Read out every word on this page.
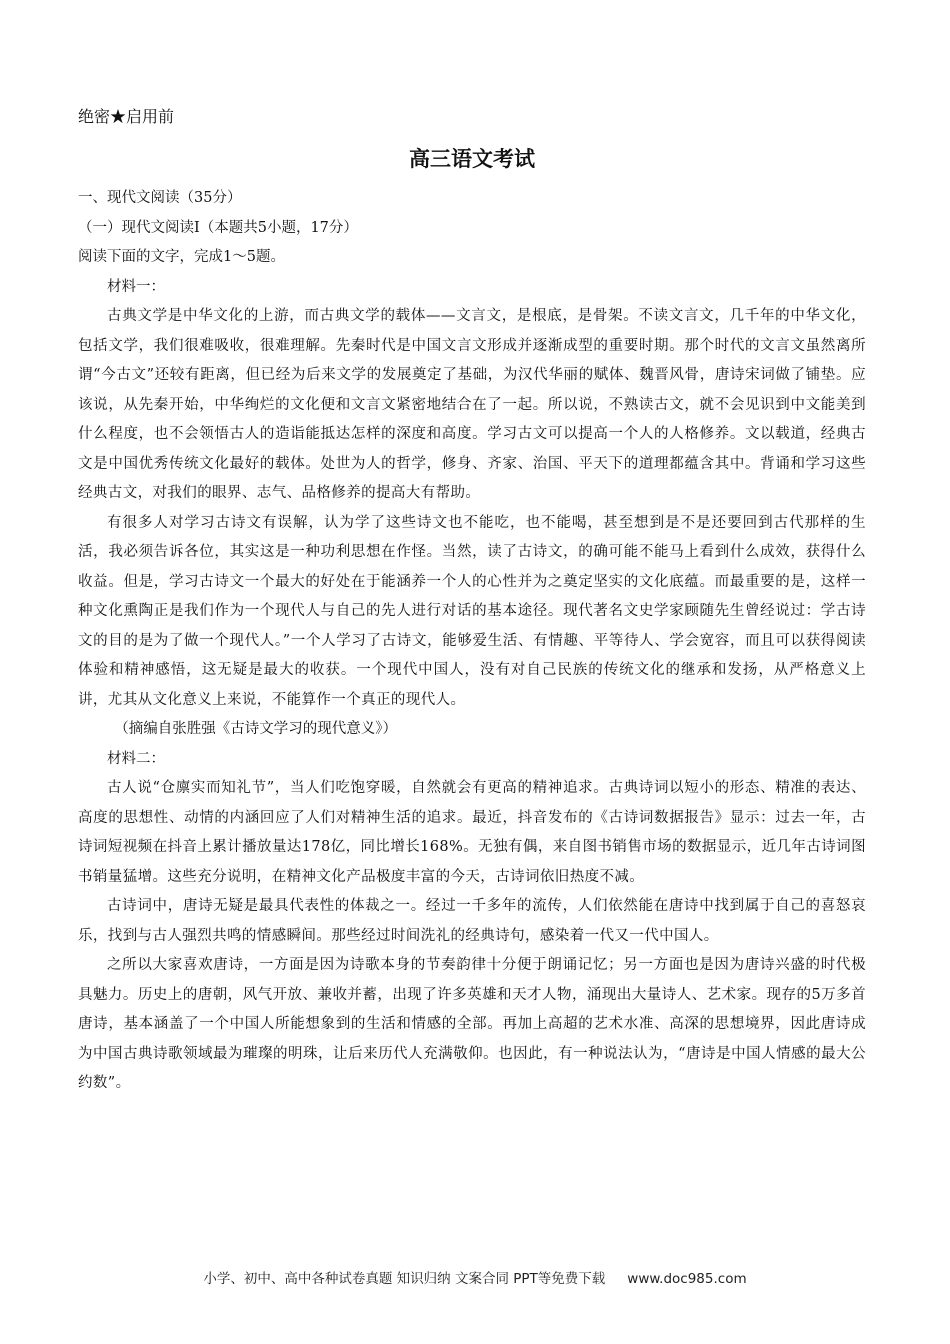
绝密★启用前

高三语文考试

一、现代文阅读（35分）

（一）现代文阅读I（本题共5小题，17分）

阅读下面的文字，完成1～5题。

材料一：

古典文学是中华文化的上游，而古典文学的载体——文言文，是根底，是骨架。不读文言文，几千年的中华文化，包括文学，我们很难吸收，很难理解。先秦时代是中国文言文形成并逐渐成型的重要时期。那个时代的文言文虽然离所谓“今古文”还较有距离，但已经为后来文学的发展奠定了基础，为汉代华丽的赋体、魏晋风骨，唐诗宋词做了铺垫。应该说，从先秦开始，中华绚烂的文化便和文言文紧密地结合在了一起。所以说，不熟读古文，就不会见识到中文能美到什么程度，也不会领悟古人的造诣能抵达怎样的深度和高度。学习古文可以提高一个人的人格修养。文以载道，经典古文是中国优秀传统文化最好的载体。处世为人的哲学，修身、齐家、治国、平天下的道理都蕴含其中。背诵和学习这些经典古文，对我们的眼界、志气、品格修养的提高大有帮助。

有很多人对学习古诗文有误解，认为学了这些诗文也不能吃，也不能喝，甚至想到是不是还要回到古代那样的生活，我必须告诉各位，其实这是一种功利思想在作怪。当然，读了古诗文，的确可能不能马上看到什么成效，获得什么收益。但是，学习古诗文一个最大的好处在于能涵养一个人的心性并为之奠定坚实的文化底蕴。而最重要的是，这样一种文化熏陶正是我们作为一个现代人与自己的先人进行对话的基本途径。现代著名文史学家顾随先生曾经说过：学古诗文的目的是为了做一个现代人。”一个人学习了古诗文，能够爱生活、有情趣、平等待人、学会宽容，而且可以获得阅读体验和精神感悟，这无疑是最大的收获。一个现代中国人，没有对自己民族的传统文化的继承和发扬，从严格意义上讲，尤其从文化意义上来说，不能算作一个真正的现代人。

（摘编自张胜强《古诗文学习的现代意义》）

材料二：

古人说“仓廪实而知礼节”，当人们吃饱穿暖，自然就会有更高的精神追求。古典诗词以短小的形态、精准的表达、高度的思想性、动情的内涵回应了人们对精神生活的追求。最近，抖音发布的《古诗词数据报告》显示：过去一年，古诗词短视频在抖音上累计播放量达178亿，同比增长168%。无独有偶，来自图书销售市场的数据显示，近几年古诗词图书销量猛增。这些充分说明，在精神文化产品极度丰富的今天，古诗词依旧热度不减。

古诗词中，唐诗无疑是最具代表性的体裁之一。经过一千多年的流传，人们依然能在唐诗中找到属于自己的喜怒哀乐，找到与古人强烈共鸣的情感瞬间。那些经过时间洗礼的经典诗句，感染着一代又一代中国人。

之所以大家喜欢唐诗，一方面是因为诗歌本身的节奏韵律十分便于朗诵记忆；另一方面也是因为唐诗兴盛的时代极具魅力。历史上的唐朝，风气开放、兼收并蓄，出现了许多英雄和天才人物，涌现出大量诗人、艺术家。现存的5万多首唐诗，基本涵盖了一个中国人所能想象到的生活和情感的全部。再加上高超的艺术水准、高深的思想境界，因此唐诗成为中国古典诗歌领域最为璀璨的明珠，让后来历代人充满敬仰。也因此，有一种说法认为，“唐诗是中国人情感的最大公约数”。

小学、初中、高中各种试卷真题 知识归纳 文案合同 PPT等免费下载 www.doc985.com
